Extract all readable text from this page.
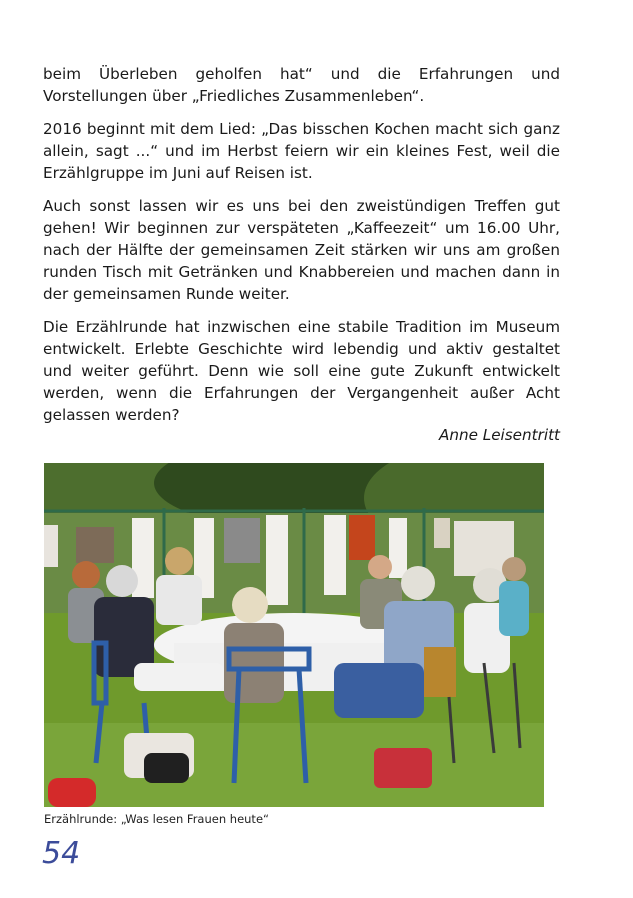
beim Überleben geholfen hat“ und die Erfahrungen und Vorstellungen über „Friedliches Zusammenleben“.

2016 beginnt mit dem Lied: „Das bisschen Kochen macht sich ganz allein, sagt ...“ und im Herbst feiern wir ein kleines Fest, weil die Erzählgruppe im Juni auf Reisen ist.

Auch sonst lassen wir es uns bei den zweistündigen Treffen gut gehen! Wir beginnen zur verspäteten „Kaffeezeit“ um 16.00 Uhr, nach der Hälfte der gemeinsamen Zeit stärken wir uns am großen runden Tisch mit Getränken und Knabbereien und machen dann in der gemeinsamen Runde weiter.

Die Erzählrunde hat inzwischen eine stabile Tradition im Museum entwickelt. Erlebte Geschichte wird lebendig und aktiv gestaltet und weiter geführt. Denn wie soll eine gute Zukunft entwickelt werden, wenn die Erfahrungen der Vergangenheit außer Acht gelassen werden?

Anne Leisentritt
Erzählrunde: „Was lesen Frauen heute“
54
